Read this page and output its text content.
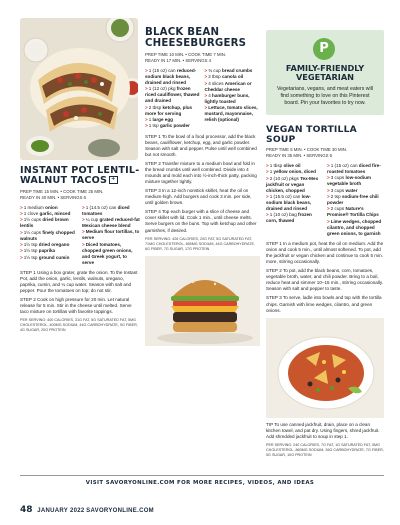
INSTANT POT LENTIL-WALNUT TACOS +
PREP TIME 15 MIN. • COOK TIME 25 MIN.
READY IN 40 MIN. • SERVINGS 6
> 1 medium onion
> 1 clove garlic, minced
> 1½ cups dried brown lentils
> 1½ cups finely chopped walnuts
> 1½ tsp dried oregano
> 1½ tsp paprika
> 1½ tsp ground cumin
> 1 (14.5 oz) can diced tomatoes
> ¼ cup grated reduced-fat Mexican cheese blend
> Medium flour tortillas, to serve
> Diced tomatoes, chopped green onions, and Greek yogurt, to serve

STEP 1 Using a box grater, grate the onion. To the Instant Pot, add the onion, garlic, lentils, walnuts, oregano, paprika, cumin, and ¼ cup water. Season with salt and pepper. Pour the tomatoes on top; do not stir.

STEP 2 Cook on high pressure for 20 min. Let natural release for 5 min. Stir in the cheese until melted. Serve taco mixture on tortillas with favorite toppings.

PER SERVING: 400 CALORIES, 31G FAT, 5G SATURATED FAT, 5MG CHOLESTEROL, 400MG SODIUM, 44G CARBOHYDRATE, 9G FIBER, 4G SUGAR, 20G PROTEIN
BLACK BEAN
CHEESEBURGERS
PREP TIME 10 MIN. • COOK TIME 7 MIN.
READY IN 17 MIN. • SERVINGS 4
> 1 (15 oz) can reduced-sodium black beans, drained and rinsed
> 1 (12 oz) pkg frozen riced cauliflower, thawed and drained
> 2 tbsp ketchup, plus more for serving
> 1 large egg
> 1 tsp garlic powder
> ¾ cup bread crumbs
> 2 tbsp canola oil
> 4 slices American or Cheddar cheese
> 4 hamburger buns, lightly toasted
> Lettuce, tomato slices, mustard, mayonnaise, relish (optional)

STEP 1 To the bowl of a food processor, add the black beans, cauliflower, ketchup, egg, and garlic powder. Season with salt and pepper. Pulse until well combined but not smooth.

STEP 2 Transfer mixture to a medium bowl and fold in the bread crumbs until well combined. Divide into 4 mounds and mold each into ½-inch-thick patty, packing mixture together tightly.

STEP 3 In a 12-inch nonstick skillet, heat the oil on medium-high. Add burgers and cook 3 min. per side, until golden brown.

STEP 4 Top each burger with a slice of cheese and cover skillet with lid. Cook 1 min., until cheese melts. Serve burgers on the buns. Top with ketchup and other garnishes, if desired.

PER SERVING: 426 CALORIES, 20G FAT, 5G SATURATED FAT, 71MG CHOLESTEROL, 655MG SODIUM, 44G CARBOHYDRATE, 6G FIBER, 7G SUGAR, 17G PROTEIN
P
FAMILY-FRIENDLY
VEGETARIAN
Vegetarians, vegans, and meat eaters will find something to love on this Pinterest board. Pin your favorites to try now.
VEGAN TORTILLA SOUP
PREP TIME 5 MIN. • COOK TIME 30 MIN.
READY IN 35 MIN. • SERVINGS 6
> 1 tbsp olive oil
> 1 yellow onion, diced
> 2 (10 oz) pkgs Tex-Mex jackfruit or vegan chicken, chopped
> 1 (15.5 oz) can low-sodium black beans, drained and rinsed
> 1 (10 oz) bag frozen corn, thawed
> 1 (15 oz) can diced fire-roasted tomatoes
> 3 cups low-sodium vegetable broth
> 3 cups water
> 2 tsp sodium-free chili powder
> 2 cups Nature's Promise® Tortilla Chips
> Lime wedges, chopped cilantro, and chopped green onions, to garnish

STEP 1 In a medium pot, heat the oil on medium. Add the onion and cook 5 min., until almost softened. To pot, add the jackfruit or vegan chicken and continue to cook 5 min. more, stirring occasionally.

STEP 2 To pot, add the black beans, corn, tomatoes, vegetable broth, water, and chili powder. Bring to a boil, reduce heat and simmer 10–15 min., stirring occasionally. Season with salt and pepper to taste.

STEP 3 To serve, ladle into bowls and top with the tortilla chips. Garnish with lime wedges, cilantro, and green onions.

TIP To use canned jackfruit, drain, place on a clean kitchen towel, and pat dry. Using fingers, shred jackfruit. Add shredded jackfruit to soup in step 1.

PER SERVING: 240 CALORIES, 7G FAT, 1G SATURATED FAT, 0MG CHOLESTEROL, 860MG SODIUM, 36G CARBOHYDRATE, 7G FIBER, 5G SUGAR, 10G PROTEIN
VISIT SAVORYONLINE.COM FOR MORE RECIPES, VIDEOS, AND IDEAS
48 JANUARY 2022 SAVORYONLINE.COM
